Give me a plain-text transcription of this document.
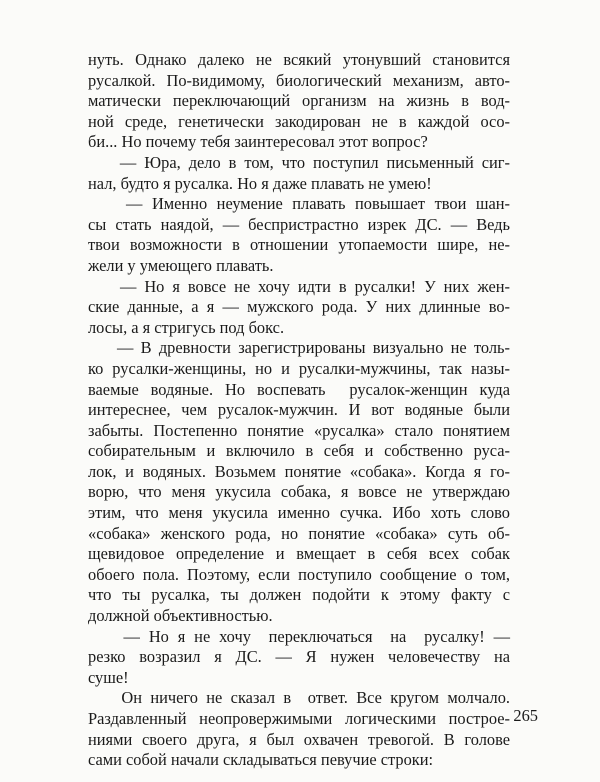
нуть. Однако далеко не всякий утонувший становится
русалкой. По-видимому, биологический механизм, авто-
матически переключающий организм на жизнь в вод-
ной среде, генетически закодирован не в каждой осо-
би... Но почему тебя заинтересовал этот вопрос?
— Юра, дело в том, что поступил письменный сиг-
нал, будто я русалка. Но я даже плавать не умею!
— Именно неумение плавать повышает твои шан-
сы стать наядой, — беспристрастно изрек ДС. — Ведь
твои возможности в отношении утопаемости шире, не-
жели у умеющего плавать.
— Но я вовсе не хочу идти в русалки! У них жен-
ские данные, а я — мужского рода. У них длинные во-
лосы, а я стригусь под бокс.
— В древности зарегистрированы визуально не толь-
ко русалки-женщины, но и русалки-мужчины, так назы-
ваемые водяные. Но воспевать  русалок-женщин куда
интереснее, чем русалок-мужчин. И вот водяные были
забыты. Постепенно понятие «русалка» стало понятием
собирательным и включило в себя и собственно руса-
лок, и водяных. Возьмем понятие «собака». Когда я го-
ворю, что меня укусила собака, я вовсе не утверждаю
этим, что меня укусила именно сучка. Ибо хоть слово
«собака» женского рода, но понятие «собака» суть об-
щевидовое определение и вмещает в себя всех собак
обоего пола. Поэтому, если поступило сообщение о том,
что ты русалка, ты должен подойти к этому факту с
должной объективностью.
— Но я не хочу  переключаться  на  русалку! —
резко возразил я ДС. — Я нужен человечеству на
суше!
Он ничего не сказал в  ответ. Все кругом молчало.
Раздавленный неопровержимыми логическими построе-
ниями своего друга, я был охвачен тревогой. В голове
сами собой начали складываться певучие строки:
265
